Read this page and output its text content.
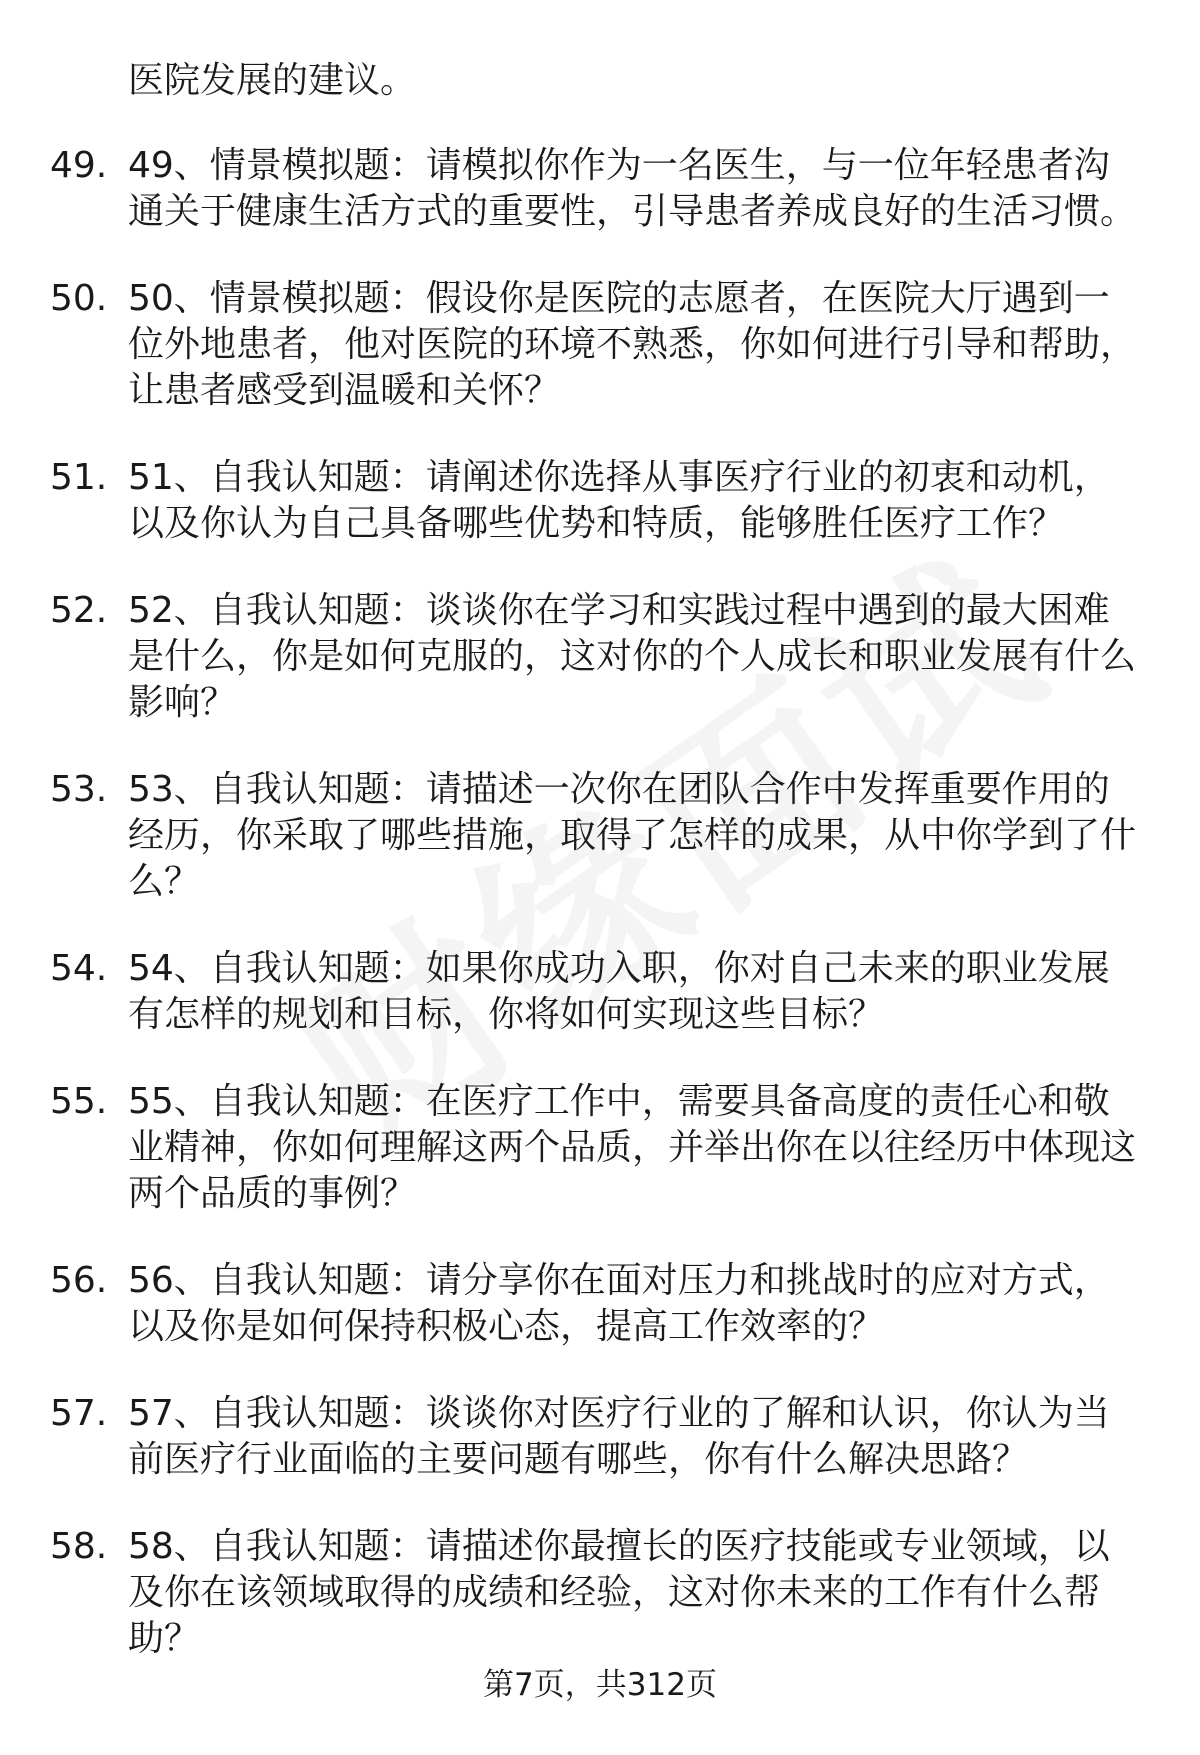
医院发展的建议。
49. 49、情景模拟题：请模拟你作为一名医生，与一位年轻患者沟通关于健康生活方式的重要性，引导患者养成良好的生活习惯。
50. 50、情景模拟题：假设你是医院的志愿者，在医院大厅遇到一位外地患者，他对医院的环境不熟悉，你如何进行引导和帮助，让患者感受到温暖和关怀？
51. 51、自我认知题：请阐述你选择从事医疗行业的初衷和动机，以及你认为自己具备哪些优势和特质，能够胜任医疗工作？
52. 52、自我认知题：谈谈你在学习和实践过程中遇到的最大困难是什么，你是如何克服的，这对你的个人成长和职业发展有什么影响？
53. 53、自我认知题：请描述一次你在团队合作中发挥重要作用的经历，你采取了哪些措施，取得了怎样的成果，从中你学到了什么？
54. 54、自我认知题：如果你成功入职，你对自己未来的职业发展有怎样的规划和目标，你将如何实现这些目标？
55. 55、自我认知题：在医疗工作中，需要具备高度的责任心和敬业精神，你如何理解这两个品质，并举出你在以往经历中体现这两个品质的事例？
56. 56、自我认知题：请分享你在面对压力和挑战时的应对方式，以及你是如何保持积极心态，提高工作效率的？
57. 57、自我认知题：谈谈你对医疗行业的了解和认识，你认为当前医疗行业面临的主要问题有哪些，你有什么解决思路？
58. 58、自我认知题：请描述你最擅长的医疗技能或专业领域，以及你在该领域取得的成绩和经验，这对你未来的工作有什么帮助？
第7页，共312页
